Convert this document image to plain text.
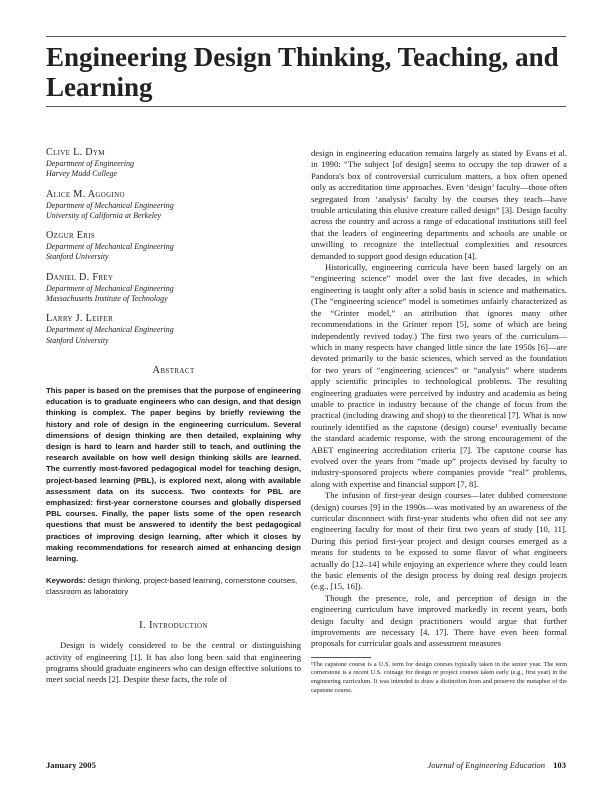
Engineering Design Thinking, Teaching, and Learning
Clive L. Dym
Department of Engineering
Harvey Mudd College
Alice M. Agogino
Department of Mechanical Engineering
University of California at Berkeley
Ozgur Eris
Department of Mechanical Engineering
Stanford University
Daniel D. Frey
Department of Mechanical Engineering
Massachusetts Institute of Technology
Larry J. Leifer
Department of Mechanical Engineering
Stanford University
Abstract

This paper is based on the premises that the purpose of engineering education is to graduate engineers who can design, and that design thinking is complex. The paper begins by briefly reviewing the history and role of design in the engineering curriculum. Several dimensions of design thinking are then detailed, explaining why design is hard to learn and harder still to teach, and outlining the research available on how well design thinking skills are learned. The currently most-favored pedagogical model for teaching design, project-based learning (PBL), is explored next, along with available assessment data on its success. Two contexts for PBL are emphasized: first-year cornerstone courses and globally dispersed PBL courses. Finally, the paper lists some of the open research questions that must be answered to identify the best pedagogical practices of improving design learning, after which it closes by making recommendations for research aimed at enhancing design learning.

Keywords: design thinking, project-based learning, cornerstone courses, classroom as laboratory

I. Introduction

Design is widely considered to be the central or distinguishing activity of engineering [1]. It has also long been said that engineering programs should graduate engineers who can design effective solutions to meet social needs [2]. Despite these facts, the role of

design in engineering education remains largely as stated by Evans et al. in 1990: “The subject [of design] seems to occupy the top drawer of a Pandora's box of controversial curriculum matters, a box often opened only as accreditation time approaches. Even ‘design’ faculty—those often segregated from ‘analysis’ faculty by the courses they teach—have trouble articulating this elusive creature called design” [3]. Design faculty across the country and across a range of educational institutions still feel that the leaders of engineering departments and schools are unable or unwilling to recognize the intellectual complexities and resources demanded to support good design education [4].

Historically, engineering curricula have been based largely on an “engineering science” model over the last five decades, in which engineering is taught only after a solid basis in science and mathematics. (The “engineering science” model is sometimes unfairly characterized as the “Grinter model,” an attribution that ignores many other recommendations in the Grinter report [5], some of which are being independently revived today.) The first two years of the curriculum—which in many respects have changed little since the late 1950s [6]—are devoted primarily to the basic sciences, which served as the foundation for two years of “engineering sciences” or “analysis” where students apply scientific principles to technological problems. The resulting engineering graduates were perceived by industry and academia as being unable to practice in industry because of the change of focus from the practical (including drawing and shop) to the theoretical [7]. What is now routinely identified as the capstone (design) course¹ eventually became the standard academic response, with the strong encouragement of the ABET engineering accreditation criteria [7]. The capstone course has evolved over the years from “made up” projects devised by faculty to industry-sponsored projects where companies provide “real” problems, along with expertise and financial support [7, 8].

The infusion of first-year design courses—later dubbed cornerstone (design) courses [9] in the 1990s—was motivated by an awareness of the curricular disconnect with first-year students who often did not see any engineering faculty for most of their first two years of study [10, 11]. During this period first-year project and design courses emerged as a means for students to be exposed to some flavor of what engineers actually do [12–14] while enjoying an experience where they could learn the basic elements of the design process by doing real design projects (e.g., [15, 16]).

Though the presence, role, and perception of design in the engineering curriculum have improved markedly in recent years, both design faculty and design practitioners would argue that further improvements are necessary [4, 17]. There have even been formal proposals for curricular goals and assessment measures

¹The capstone course is a U.S. term for design courses typically taken in the senior year. The term cornerstone is a recent U.S. coinage for design or project courses taken early (e.g., first year) in the engineering curriculum. It was intended to draw a distinction from and preserve the metaphor of the capstone course.

January 2005	Journal of Engineering Education 103
